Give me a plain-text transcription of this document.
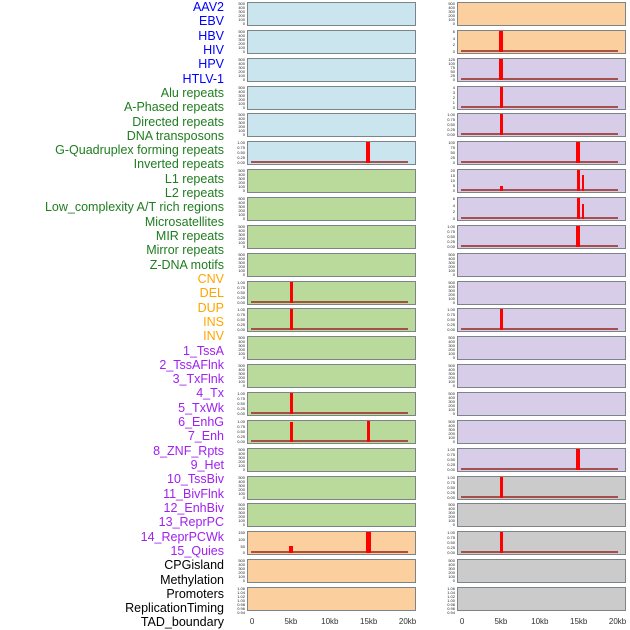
AAV2
EBV
HBV
HIV
HPV
HTLV-1
Alu repeats
A-Phased repeats
Directed repeats
DNA transposons
G-Quadruplex forming repeats
Inverted repeats
L1 repeats
L2 repeats
Low_complexity A/T rich regions
Microsatellites
MIR repeats
Mirror repeats
Z-DNA motifs
CNV
DEL
DUP
INS
INV
1_TssA
2_TssAFlnk
3_TxFlnk
4_Tx
5_TxWk
6_EnhG
7_Enh
8_ZNF_Rpts
9_Het
10_TssBiv
11_BivFlnk
12_EnhBiv
13_ReprPC
14_ReprPCWk
15_Quies
CPGisland
Methylation
Promoters
ReplicationTiming
TAD_boundary
500
400
300
200
100
0
500
400
300
200
100
0
500
400
300
200
100
0
500
400
300
200
100
0
500
400
300
200
100
0
1.00
0.75
0.50
0.25
0.00
500
400
300
200
100
0
500
400
300
200
100
0
500
400
300
200
100
0
500
400
300
200
100
0
1.00
0.75
0.50
0.25
0.00
1.00
0.75
0.50
0.25
0.00
500
400
300
200
100
0
500
400
300
200
100
0
1.00
0.75
0.50
0.25
0.00
1.00
0.75
0.50
0.25
0.00
500
400
300
200
100
0
500
400
300
200
100
0
500
400
300
200
100
0
150
100
50
0
500
400
300
200
100
0
1.06
1.04
1.02
1.00
0.98
0.96
0.94
500
400
300
200
100
0
6
4
2
0
125
100
75
50
25
0
4
3
2
1
0
1.00
0.75
0.50
0.25
0.00
100
75
50
25
0
20
15
10
5
0
6
4
2
0
1.00
0.75
0.50
0.25
0.00
500
400
300
200
100
0
500
400
300
200
100
0
1.00
0.75
0.50
0.25
0.00
500
400
300
200
100
0
500
400
300
200
100
0
500
400
300
200
100
0
500
400
300
200
100
0
1.00
0.75
0.50
0.25
0.00
1.00
0.75
0.50
0.25
0.00
500
400
300
200
100
0
1.00
0.75
0.50
0.25
0.00
500
400
300
200
100
0
1.06
1.04
1.02
1.00
0.98
0.96
0.94
0	5kb	10kb	15kb	20kb	0	5kb	10kb	15kb	20kb
